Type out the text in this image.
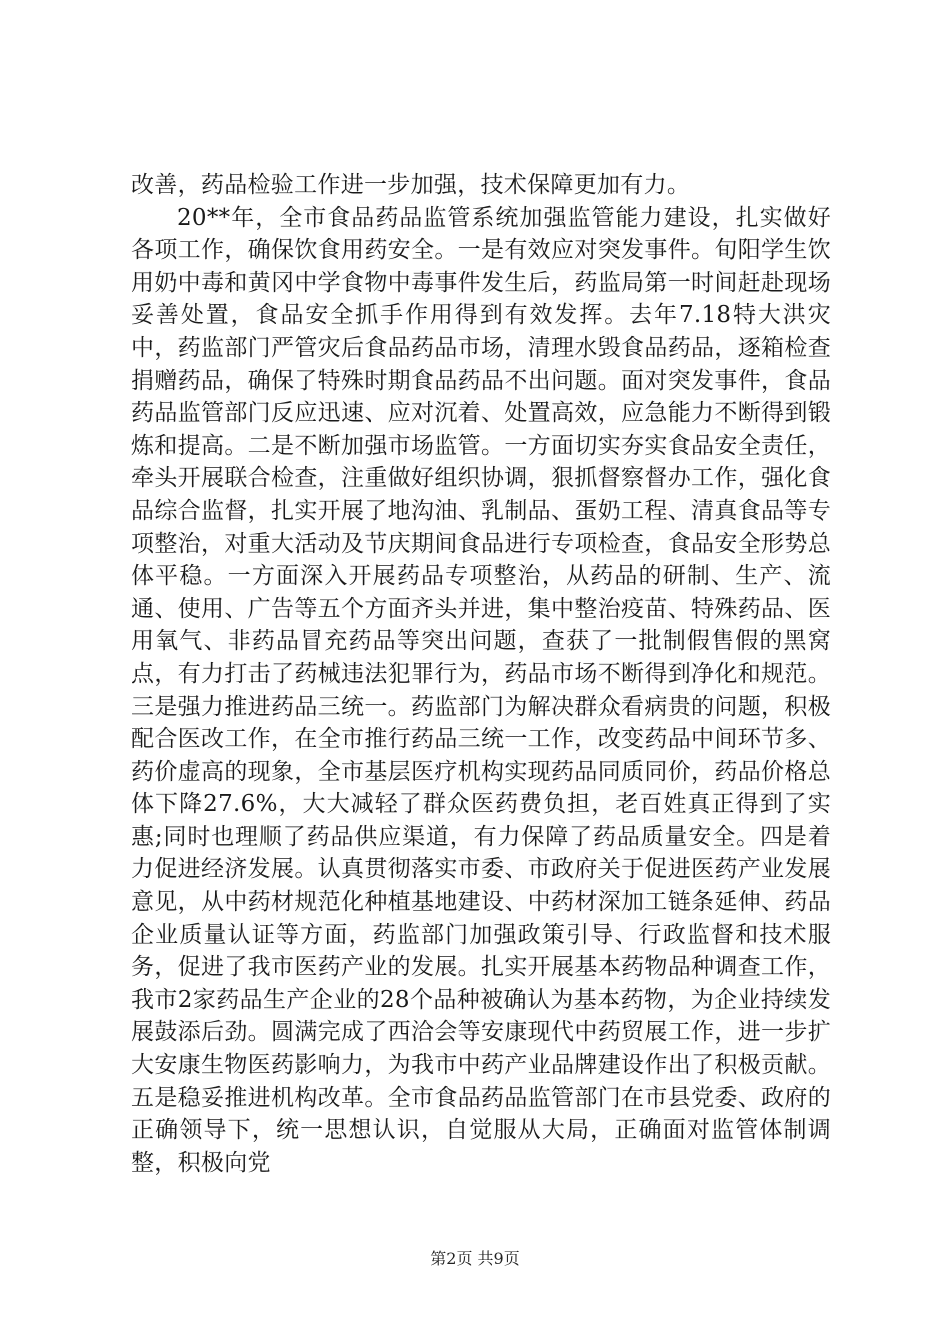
改善，药品检验工作进一步加强，技术保障更加有力。

20**年，全市食品药品监管系统加强监管能力建设，扎实做好各项工作，确保饮食用药安全。一是有效应对突发事件。旬阳学生饮用奶中毒和黄冈中学食物中毒事件发生后，药监局第一时间赶赴现场妥善处置，食品安全抓手作用得到有效发挥。去年7.18特大洪灾中，药监部门严管灾后食品药品市场，清理水毁食品药品，逐箱检查捐赠药品，确保了特殊时期食品药品不出问题。面对突发事件，食品药品监管部门反应迅速、应对沉着、处置高效，应急能力不断得到锻炼和提高。二是不断加强市场监管。一方面切实夯实食品安全责任，牵头开展联合检查，注重做好组织协调，狠抓督察督办工作，强化食品综合监督，扎实开展了地沟油、乳制品、蛋奶工程、清真食品等专项整治，对重大活动及节庆期间食品进行专项检查，食品安全形势总体平稳。一方面深入开展药品专项整治，从药品的研制、生产、流通、使用、广告等五个方面齐头并进，集中整治疫苗、特殊药品、医用氧气、非药品冒充药品等突出问题，查获了一批制假售假的黑窝点，有力打击了药械违法犯罪行为，药品市场不断得到净化和规范。三是强力推进药品三统一。药监部门为解决群众看病贵的问题，积极配合医改工作，在全市推行药品三统一工作，改变药品中间环节多、药价虚高的现象，全市基层医疗机构实现药品同质同价，药品价格总体下降27.6%，大大减轻了群众医药费负担，老百姓真正得到了实惠;同时也理顺了药品供应渠道，有力保障了药品质量安全。四是着力促进经济发展。认真贯彻落实市委、市政府关于促进医药产业发展意见，从中药材规范化种植基地建设、中药材深加工链条延伸、药品企业质量认证等方面，药监部门加强政策引导、行政监督和技术服务，促进了我市医药产业的发展。扎实开展基本药物品种调查工作，我市2家药品生产企业的28个品种被确认为基本药物，为企业持续发展鼓添后劲。圆满完成了西洽会等安康现代中药贸展工作，进一步扩大安康生物医药影响力，为我市中药产业品牌建设作出了积极贡献。五是稳妥推进机构改革。全市食品药品监管部门在市县党委、政府的正确领导下，统一思想认识，自觉服从大局，正确面对监管体制调整，积极向党

第2页 共9页
